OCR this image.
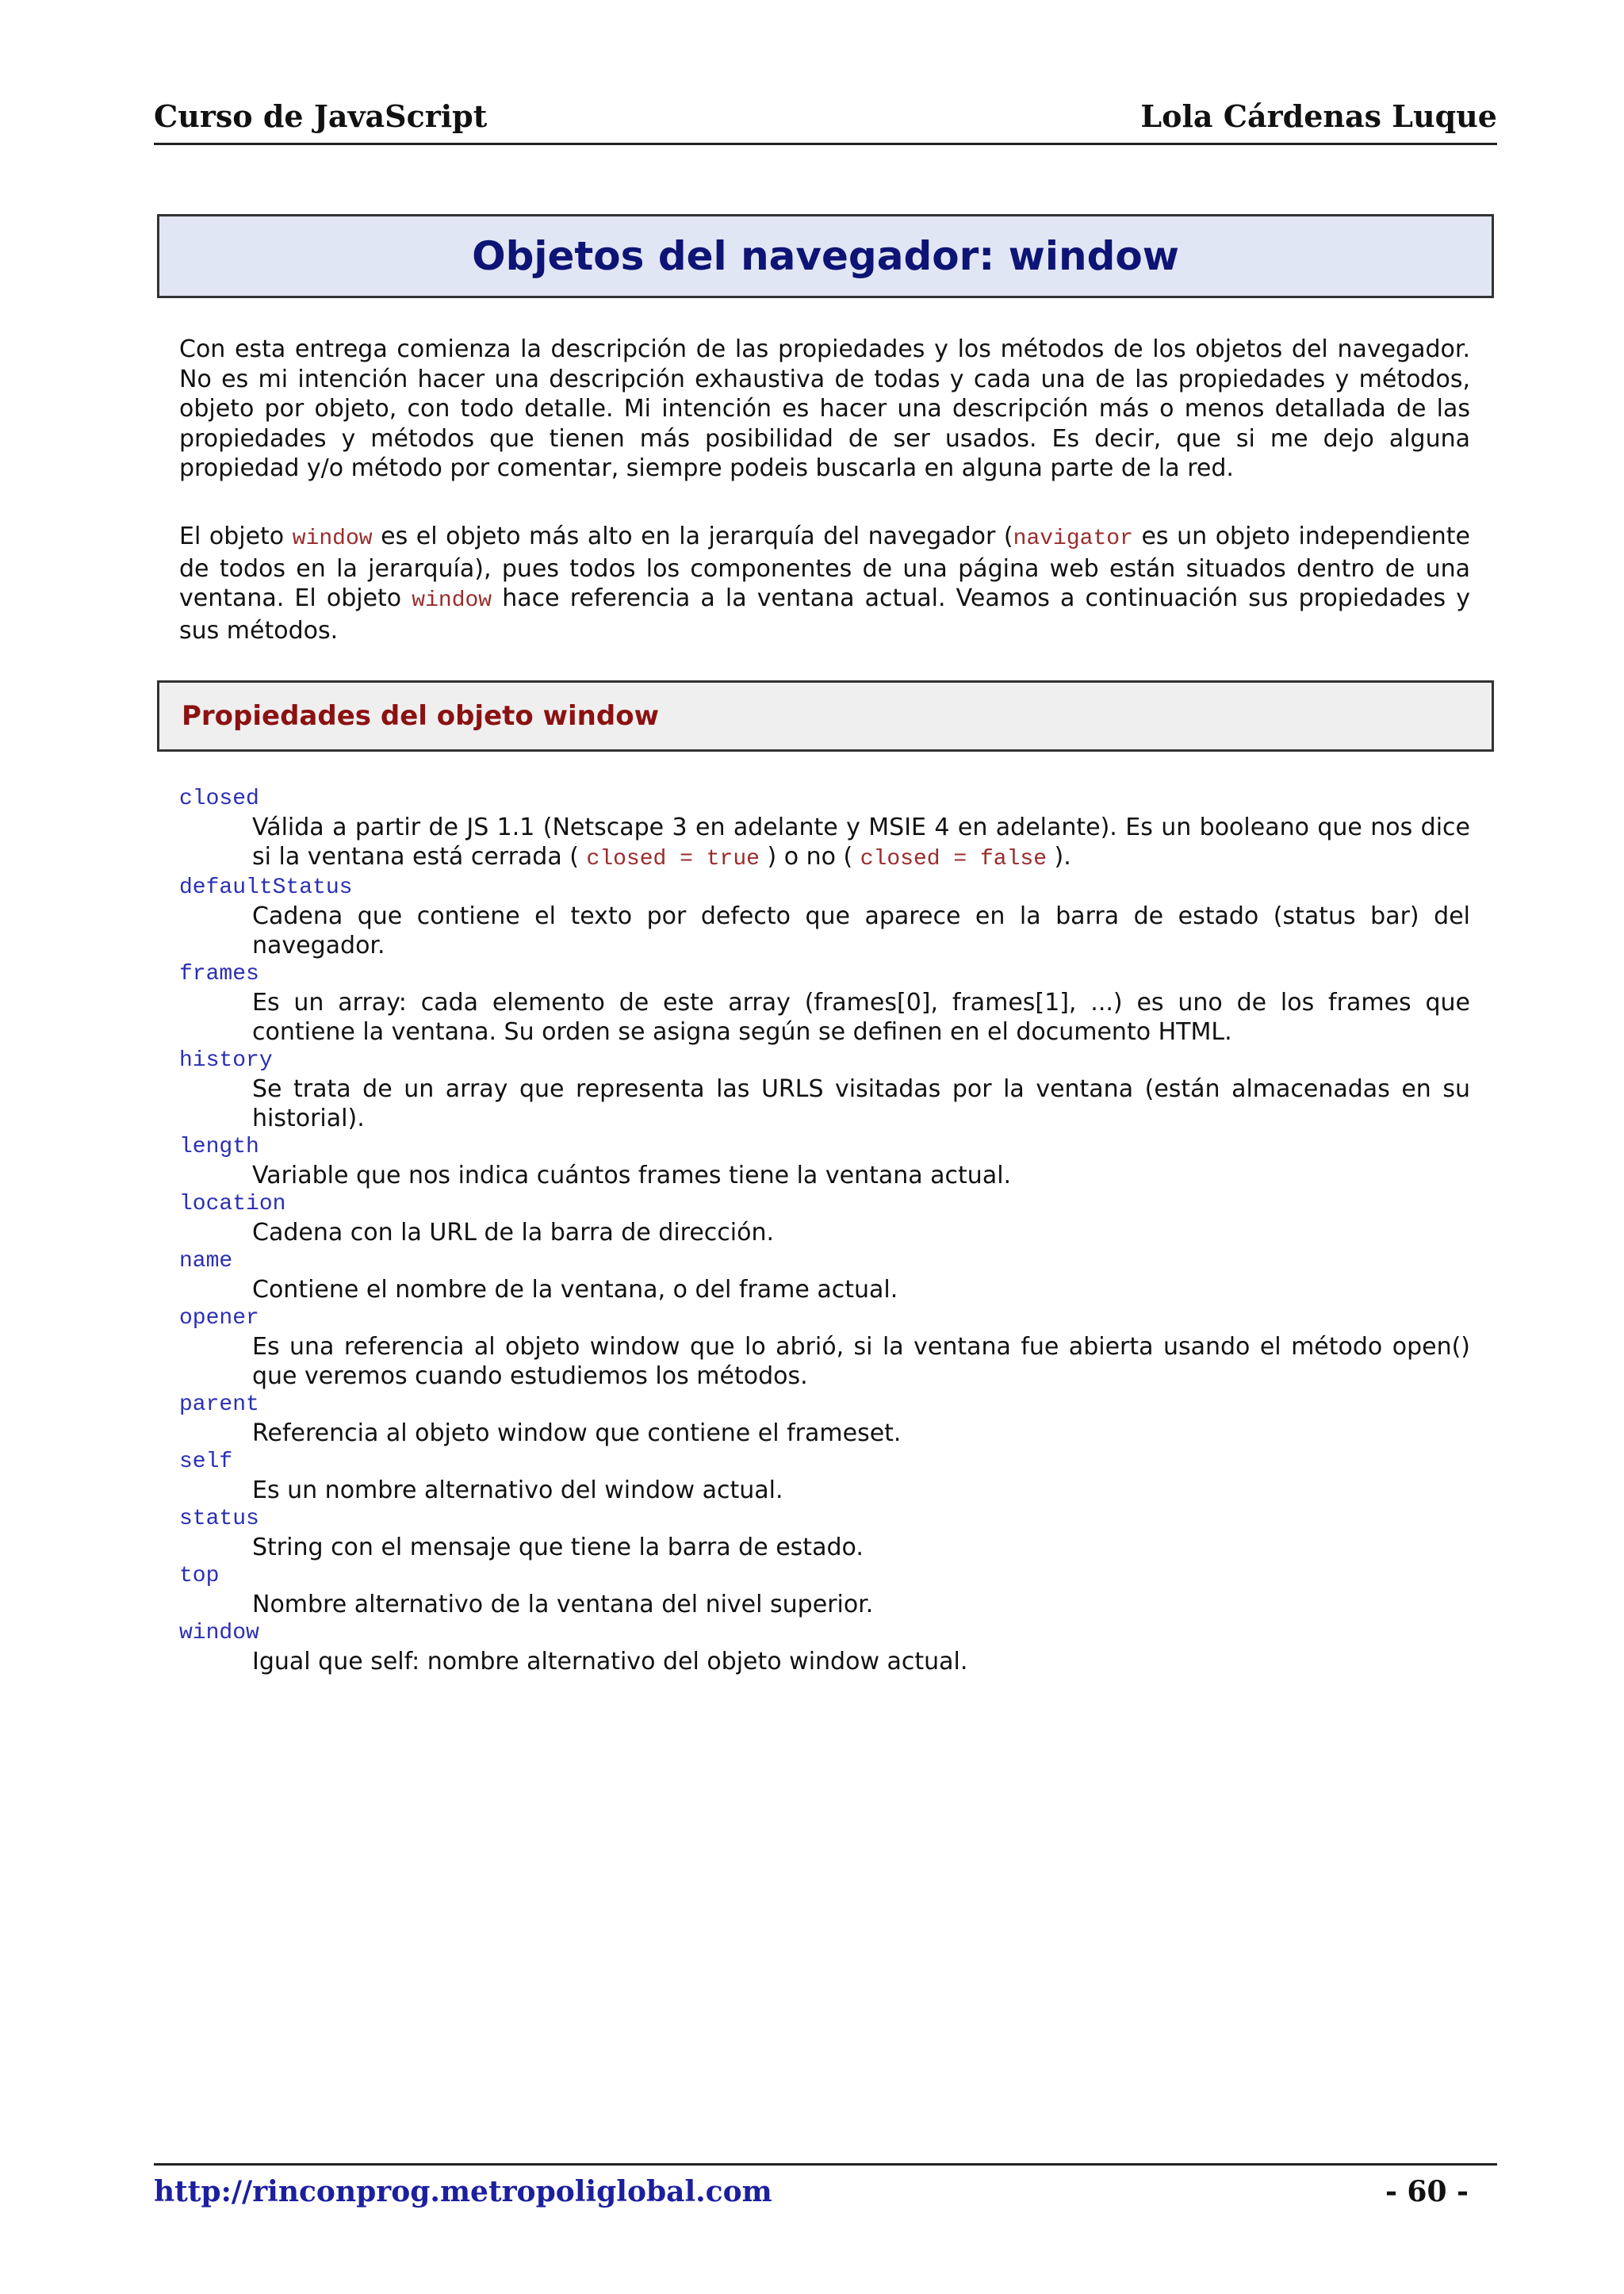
Curso de JavaScript	Lola Cárdenas Luque
Objetos del navegador: window

Con esta entrega comienza la descripción de las propiedades y los métodos de los objetos del navegador. No es mi intención hacer una descripción exhaustiva de todas y cada una de las propiedades y métodos, objeto por objeto, con todo detalle. Mi intención es hacer una descripción más o menos detallada de las propiedades y métodos que tienen más posibilidad de ser usados. Es decir, que si me dejo alguna propiedad y/o método por comentar, siempre podeis buscarla en alguna parte de la red.

El objeto window es el objeto más alto en la jerarquía del navegador (navigator es un objeto independiente de todos en la jerarquía), pues todos los componentes de una página web están situados dentro de una ventana. El objeto window hace referencia a la ventana actual. Veamos a continuación sus propiedades y sus métodos.

Propiedades del objeto window
closed
Válida a partir de JS 1.1 (Netscape 3 en adelante y MSIE 4 en adelante). Es un booleano que nos dice si la ventana está cerrada ( closed = true ) o no ( closed = false ).
defaultStatus
Cadena que contiene el texto por defecto que aparece en la barra de estado (status bar) del navegador.
frames
Es un array: cada elemento de este array (frames[0], frames[1], ...) es uno de los frames que contiene la ventana. Su orden se asigna según se definen en el documento HTML.
history
Se trata de un array que representa las URLS visitadas por la ventana (están almacenadas en su historial).
length
Variable que nos indica cuántos frames tiene la ventana actual.
location
Cadena con la URL de la barra de dirección.
name
Contiene el nombre de la ventana, o del frame actual.
opener
Es una referencia al objeto window que lo abrió, si la ventana fue abierta usando el método open() que veremos cuando estudiemos los métodos.
parent
Referencia al objeto window que contiene el frameset.
self
Es un nombre alternativo del window actual.
status
String con el mensaje que tiene la barra de estado.
top
Nombre alternativo de la ventana del nivel superior.
window
Igual que self: nombre alternativo del objeto window actual.
http://rinconprog.metropoliglobal.com	- 60 -
